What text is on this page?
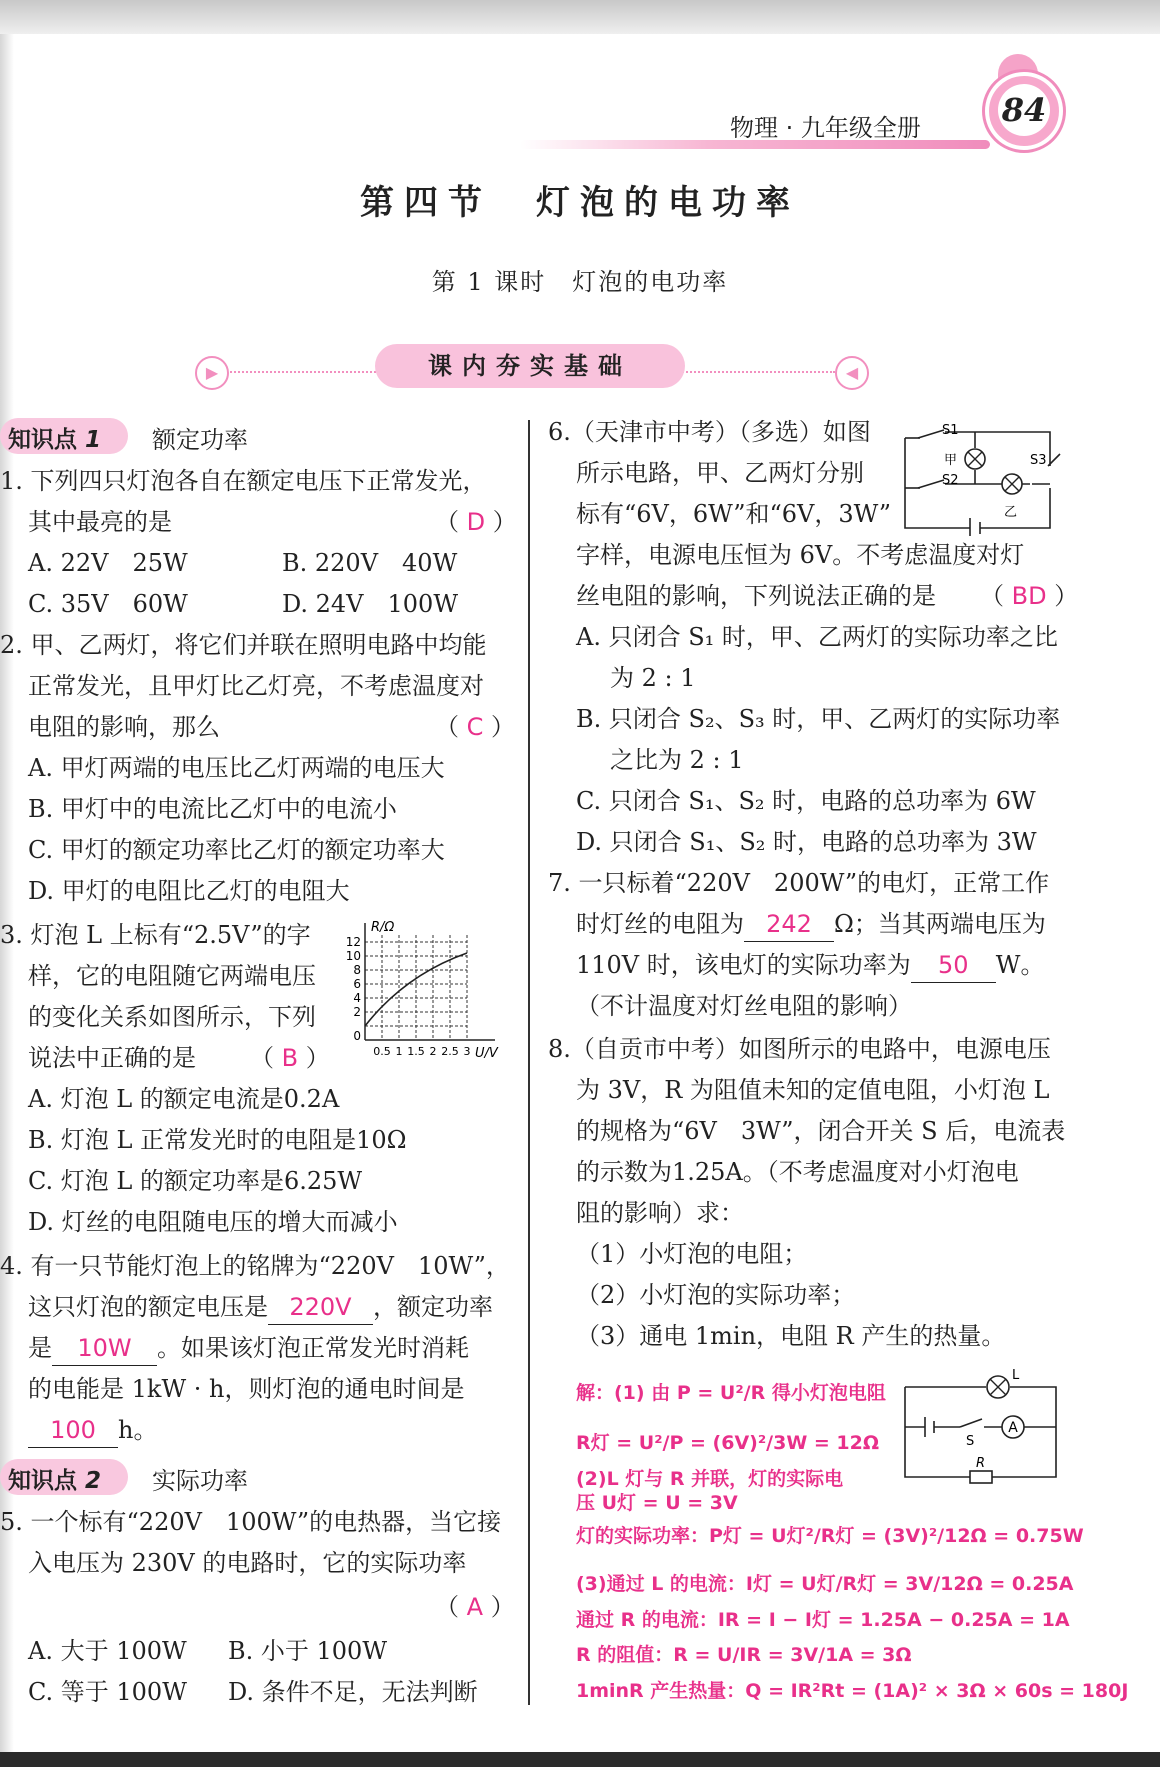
物理 · 九年级全册	84
第四节　灯泡的电功率
第 1 课时　灯泡的电功率
▶	◀
课内夯实基础
知识点 1 额定功率
1. 下列四只灯泡各自在额定电压下正常发光，
其中最亮的是	（ D ）
A. 22V　25W	B. 220V　40W
C. 35V　60W	D. 24V　100W
2. 甲、乙两灯，将它们并联在照明电路中均能
正常发光，且甲灯比乙灯亮，不考虑温度对
电阻的影响，那么	（ C ）
A. 甲灯两端的电压比乙灯两端的电压大
B. 甲灯中的电流比乙灯中的电流小
C. 甲灯的额定功率比乙灯的额定功率大
D. 甲灯的电阻比乙灯的电阻大
3. 灯泡 L 上标有“2.5V”的字
样，它的电阻随它两端电压
的变化关系如图所示，下列
说法中正确的是 （ B ）
R/Ω
U/V
12
10
8
6
4
2
0
0.5 1 1.5 2 2.5 3
A. 灯泡 L 的额定电流是0.2A
B. 灯泡 L 正常发光时的电阻是10Ω
C. 灯泡 L 的额定功率是6.25W
D. 灯丝的电阻随电压的增大而减小
4. 有一只节能灯泡上的铭牌为“220V　10W”，
这只灯泡的额定电压是 220V ，额定功率
是 10W 。如果该灯泡正常发光时消耗
的电能是 1kW · h，则灯泡的通电时间是
100 h。
知识点 2 实际功率
5. 一个标有“220V　100W”的电热器，当它接
入电压为 230V 的电路时，它的实际功率
（ A ）
A. 大于 100W B. 小于 100W
C. 等于 100W D. 条件不足，无法判断
6.（天津市中考）（多选）如图
所示电路，甲、乙两灯分别
标有“6V，6W”和“6V，3W”
S1
S2
S3
甲
乙
字样，电源电压恒为 6V。不考虑温度对灯
丝电阻的影响，下列说法正确的是 （ BD ）
A. 只闭合 S₁ 时，甲、乙两灯的实际功率之比
为 2 : 1
B. 只闭合 S₂、S₃ 时，甲、乙两灯的实际功率
之比为 2 : 1
C. 只闭合 S₁、S₂ 时，电路的总功率为 6W
D. 只闭合 S₁、S₂ 时，电路的总功率为 3W
7. 一只标着“220V　200W”的电灯，正常工作
时灯丝的电阻为 242 Ω；当其两端电压为
110V 时，该电灯的实际功率为 50 W。
（不计温度对灯丝电阻的影响）
8.（自贡市中考）如图所示的电路中，电源电压
为 3V，R 为阻值未知的定值电阻，小灯泡 L
的规格为“6V　3W”，闭合开关 S 后，电流表
的示数为1.25A。（不考虑温度对小灯泡电
阻的影响）求：
（1）小灯泡的电阻；
（2）小灯泡的实际功率；
（3）通电 1min，电阻 R 产生的热量。
A
L
S
R
解：(1) 由 P = U²/R 得小灯泡电阻
R灯 = U²/P = (6V)²/3W = 12Ω
(2)L 灯与 R 并联，灯的实际电
压 U灯 = U = 3V
灯的实际功率：P灯 = U灯²/R灯 = (3V)²/12Ω = 0.75W
(3)通过 L 的电流：I灯 = U灯/R灯 = 3V/12Ω = 0.25A
通过 R 的电流：IR = I − I灯 = 1.25A − 0.25A = 1A
R 的阻值：R = U/IR = 3V/1A = 3Ω
1minR 产生热量：Q = IR²Rt = (1A)² × 3Ω × 60s = 180J
